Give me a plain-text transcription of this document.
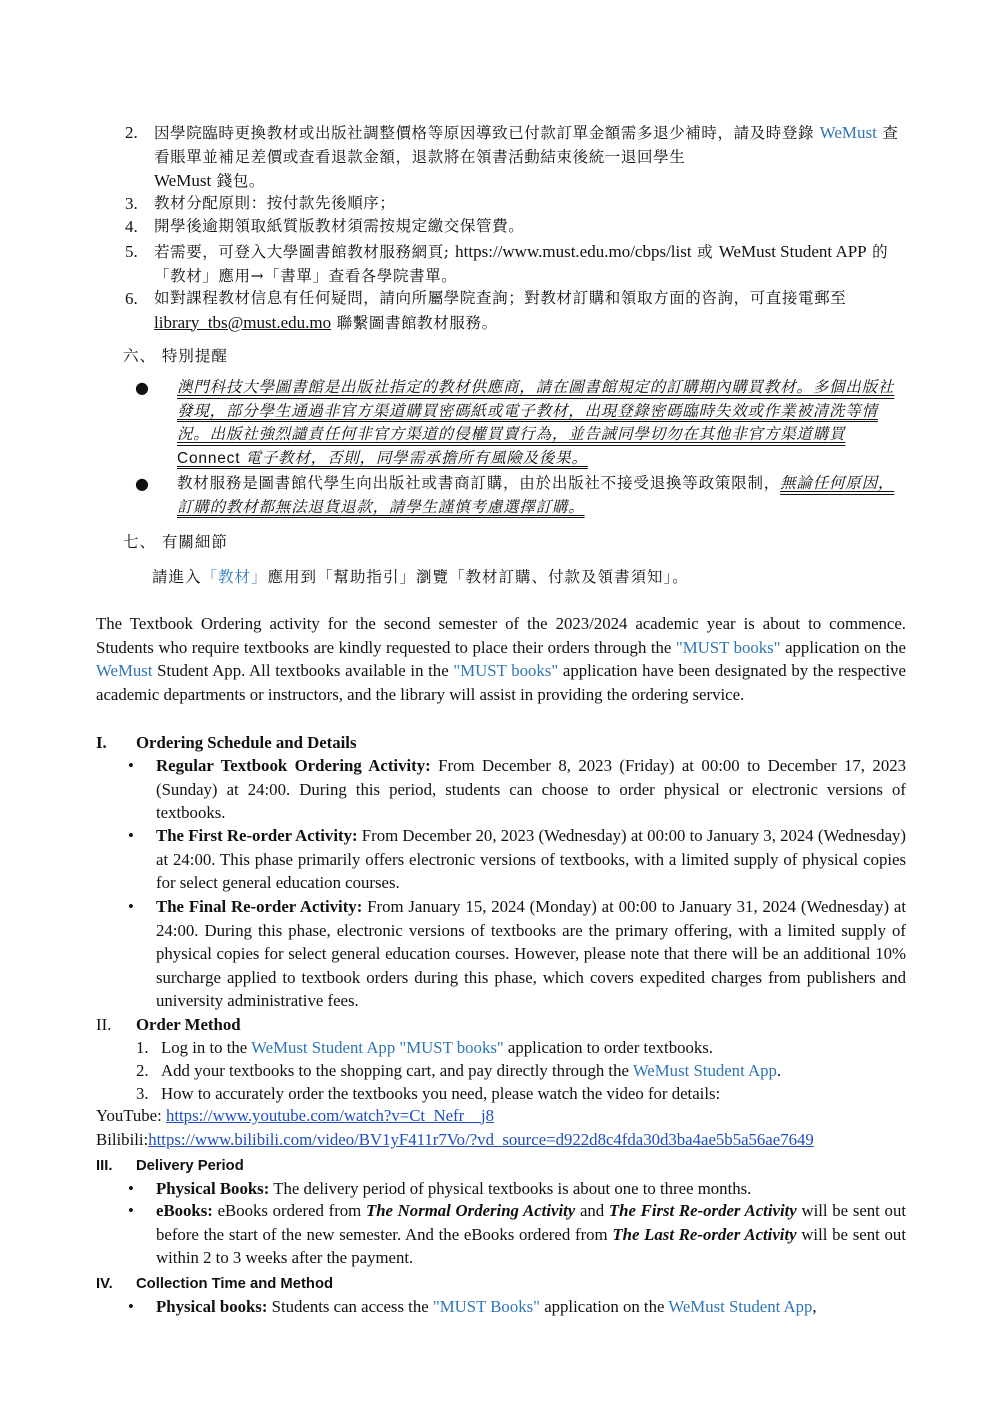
2. 因學院臨時更換教材或出版社調整價格等原因導致已付款訂單金額需多退少補時，請及時登錄 WeMust 查看賬單並補足差價或查看退款金額，退款將在領書活動結束後統一退回學生
WeMust 錢包。
3. 教材分配原則：按付款先後順序；
4. 開學後逾期領取紙質版教材須需按規定繳交保管費。
5. 若需要，可登入大學圖書館教材服務網頁; https://www.must.edu.mo/cbps/list 或 WeMust Student APP 的「教材」應用→「書單」查看各學院書單。
6. 如對課程教材信息有任何疑問，請向所屬學院查詢；對教材訂購和領取方面的咨詢，可直接電郵至 library_tbs@must.edu.mo 聯繫圖書館教材服務。
六、 特別提醒
● 澳門科技大學圖書館是出版社指定的教材供應商，請在圖書館規定的訂購期內購買教材。多個出版社發現，部分學生通過非官方渠道購買密碼紙或電子教材，出現登錄密碼臨時失效或作業被清洗等情況。出版社強烈譴責任何非官方渠道的侵權買賣行為，並告誡同學切勿在其他非官方渠道購買 Connect 電子教材，否則，同學需承擔所有風險及後果。
● 教材服務是圖書館代學生向出版社或書商訂購，由於出版社不接受退換等政策限制，無論任何原因，訂購的教材都無法退貨退款，請學生謹慎考慮選擇訂購。
七、 有關細節
請進入「教材」應用到「幫助指引」瀏覽「教材訂購、付款及領書須知」。
The Textbook Ordering activity for the second semester of the 2023/2024 academic year is about to commence. Students who require textbooks are kindly requested to place their orders through the "MUST books" application on the WeMust Student App. All textbooks available in the "MUST books" application have been designated by the respective academic departments or instructors, and the library will assist in providing the ordering service.
I. Ordering Schedule and Details
• Regular Textbook Ordering Activity: From December 8, 2023 (Friday) at 00:00 to December 17, 2023 (Sunday) at 24:00. During this period, students can choose to order physical or electronic versions of textbooks.
• The First Re-order Activity: From December 20, 2023 (Wednesday) at 00:00 to January 3, 2024 (Wednesday) at 24:00. This phase primarily offers electronic versions of textbooks, with a limited supply of physical copies for select general education courses.
• The Final Re-order Activity: From January 15, 2024 (Monday) at 00:00 to January 31, 2024 (Wednesday) at 24:00. During this phase, electronic versions of textbooks are the primary offering, with a limited supply of physical copies for select general education courses. However, please note that there will be an additional 10% surcharge applied to textbook orders during this phase, which covers expedited charges from publishers and university administrative fees.
II. Order Method
1. Log in to the WeMust Student App "MUST books" application to order textbooks.
2. Add your textbooks to the shopping cart, and pay directly through the WeMust Student App.
3. How to accurately order the textbooks you need, please watch the video for details:
YouTube: https://www.youtube.com/watch?v=Ct_Nefr__j8
Bilibili:https://www.bilibili.com/video/BV1yF411r7Vo/?vd_source=d922d8c4fda30d3ba4ae5b5a56ae7649
III. Delivery Period
• Physical Books: The delivery period of physical textbooks is about one to three months.
• eBooks: eBooks ordered from The Normal Ordering Activity and The First Re-order Activity will be sent out before the start of the new semester. And the eBooks ordered from The Last Re-order Activity will be sent out within 2 to 3 weeks after the payment.
IV. Collection Time and Method
• Physical books: Students can access the "MUST Books" application on the WeMust Student App,
